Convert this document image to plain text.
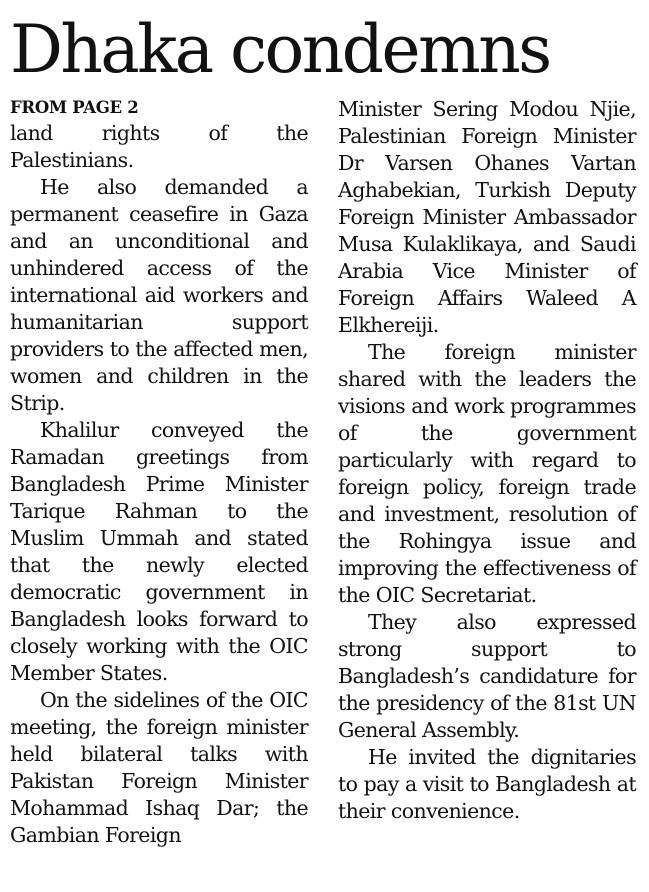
Dhaka condemns
FROM PAGE 2

land rights of the Palestinians.

He also demanded a permanent ceasefire in Gaza and an unconditional and unhindered access of the international aid workers and humanitarian support providers to the affected men, women and children in the Strip.

Khalilur conveyed the Ramadan greetings from Bangladesh Prime Minister Tarique Rahman to the Muslim Ummah and stated that the newly elected democratic government in Bangladesh looks forward to closely working with the OIC Member States.

On the sidelines of the OIC meeting, the foreign minister held bilateral talks with Pakistan Foreign Minister Mohammad Ishaq Dar; the Gambian Foreign

Minister Sering Modou Njie, Palestinian Foreign Minister Dr Varsen Ohanes Vartan Aghabekian, Turkish Deputy Foreign Minister Ambassador Musa Kulaklikaya, and Saudi Arabia Vice Minister of Foreign Affairs Waleed A Elkhereiji.

The foreign minister shared with the leaders the visions and work programmes of the government particularly with regard to foreign policy, foreign trade and investment, resolution of the Rohingya issue and improving the effectiveness of the OIC Secretariat.

They also expressed strong support to Bangladesh’s candidature for the presidency of the 81st UN General Assembly.

He invited the dignitaries to pay a visit to Bangladesh at their convenience.
